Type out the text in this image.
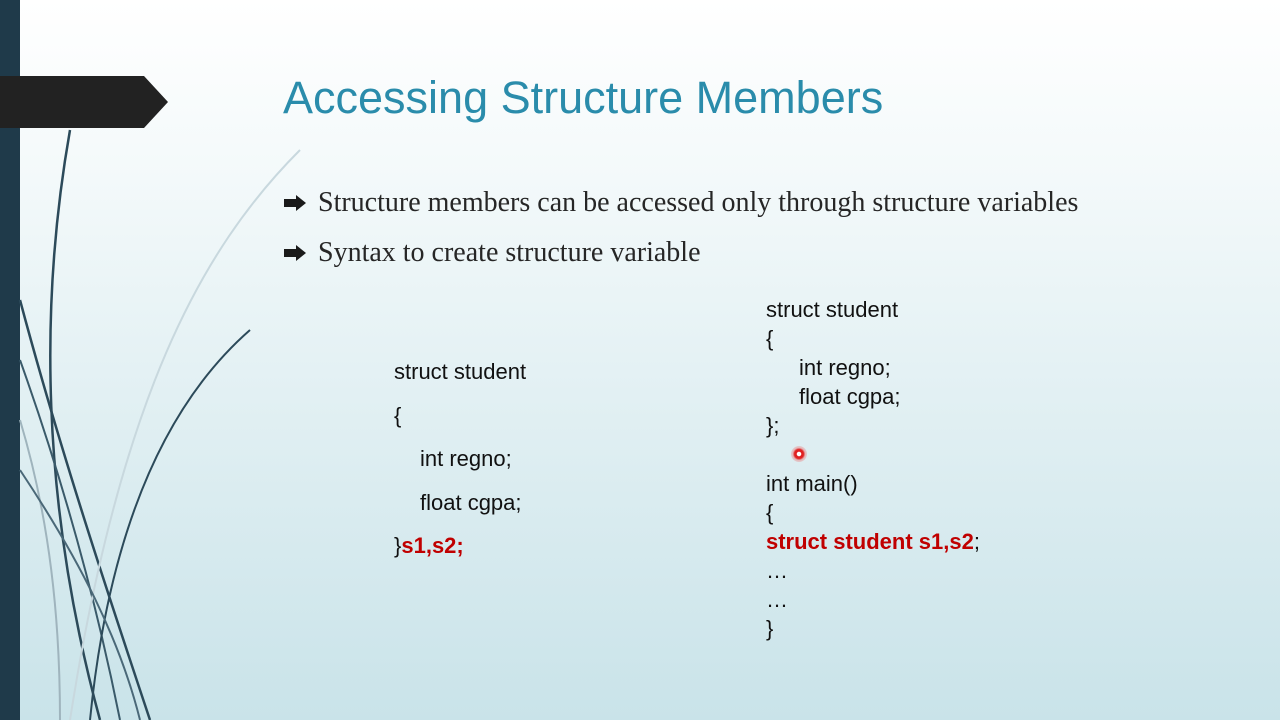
Accessing Structure Members
Structure members can be accessed only through structure variables
Syntax to create structure variable
struct student
{
int regno;
float cgpa;
}s1,s2;
struct student
{
int regno;
float cgpa;
};
int main()
{
struct student s1,s2;
…
…
}
